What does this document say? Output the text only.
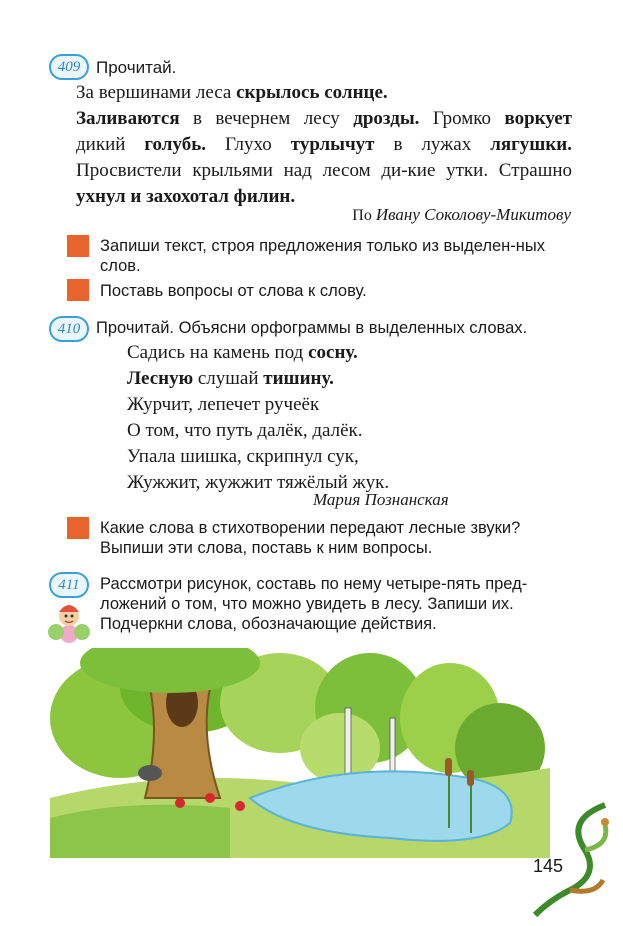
409 Прочитай.
За вершинами леса скрылось солнце.
Заливаются в вечернем лесу дрозды. Громко воркует дикий голубь. Глухо турлычут в лужах лягушки. Просвистели крыльями над лесом ди-кие утки. Страшно ухнул и захохотал филин.
По Ивану Соколову-Микитову
Запиши текст, строя предложения только из выделен-ных слов.
Поставь вопросы от слова к слову.
410 Прочитай. Объясни орфограммы в выделенных словах.
Садись на камень под сосну.
Лесную слушай тишину.
Журчит, лепечет ручеёк
О том, что путь далёк, далёк.
Упала шишка, скрипнул сук,
Жужжит, жужжит тяжёлый жук.
Мария Познанская
Какие слова в стихотворении передают лесные звуки?
Выпиши эти слова, поставь к ним вопросы.
411	Рассмотри рисунок, составь по нему четыре-пять пред-
ложений о том, что можно увидеть в лесу. Запиши их.
Подчеркни слова, обозначающие действия.
145
